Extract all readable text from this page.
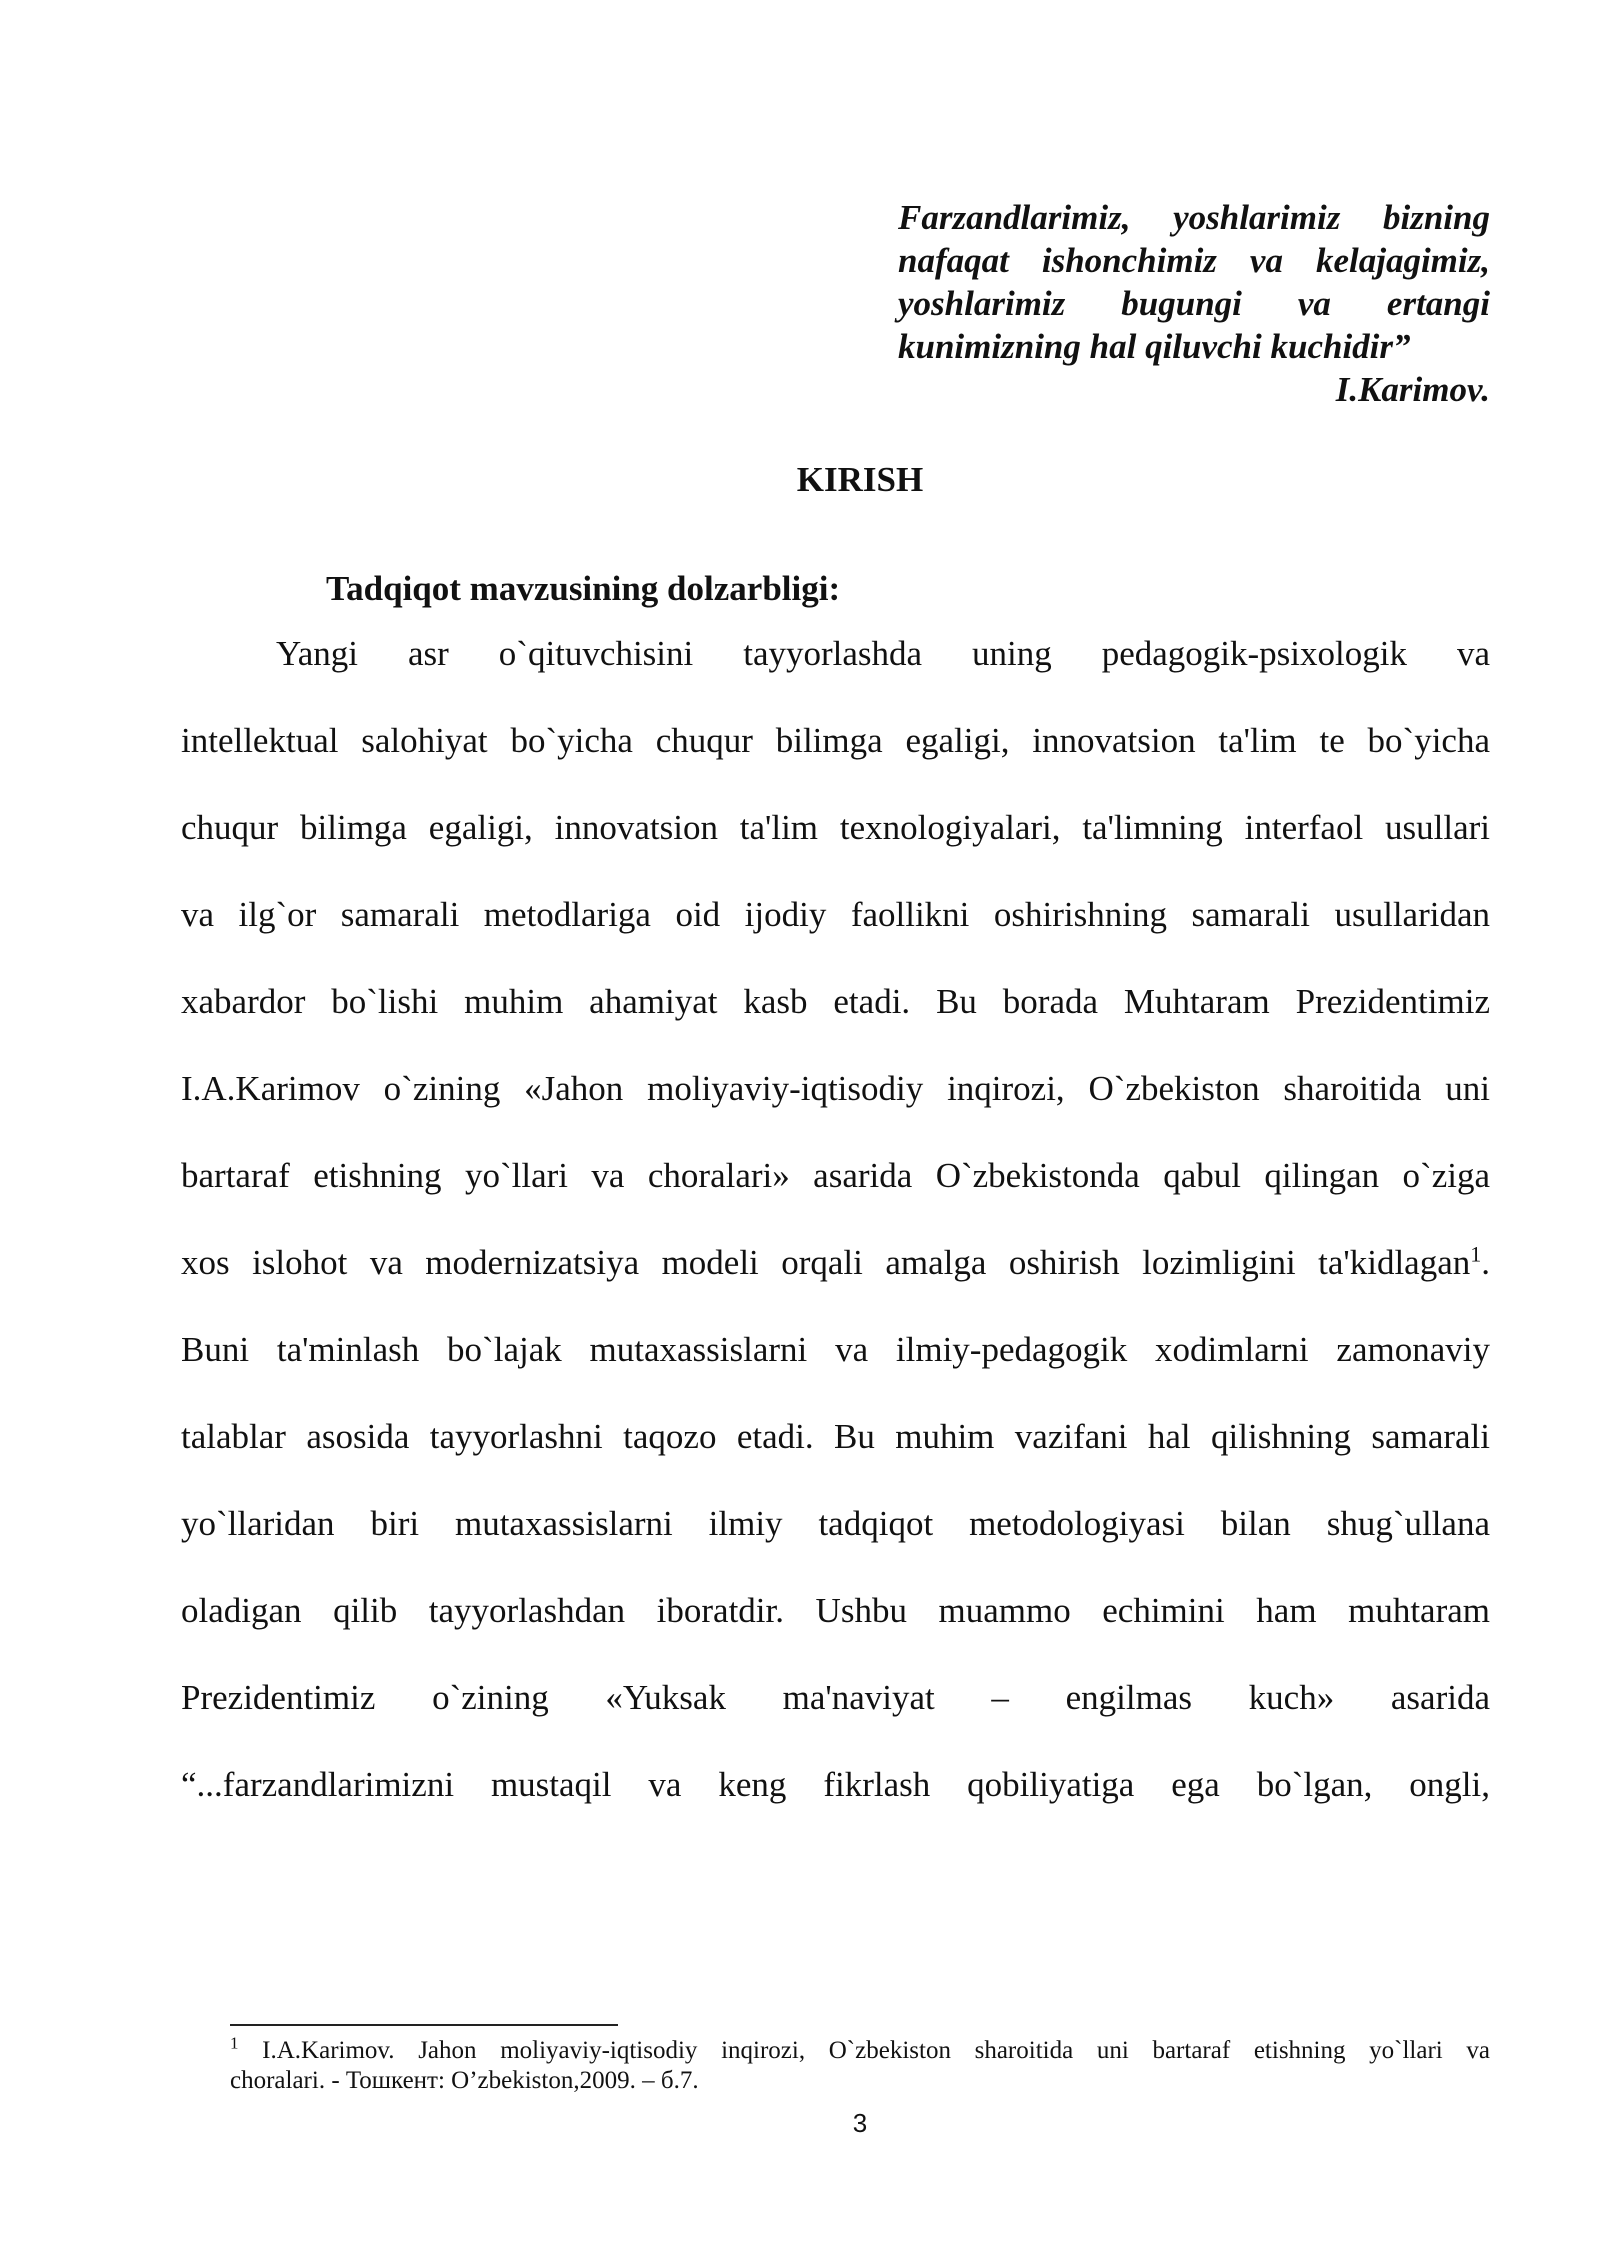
Farzandlarimiz, yoshlarimiz bizning
nafaqat ishonchimiz va kelajagimiz,
yoshlarimiz bugungi va ertangi
kunimizning hal qiluvchi kuchidir”
I.Karimov.
KIRISH
Tadqiqot mavzusining dolzarbligi:
Yangi asr o`qituvchisini tayyorlashda uning pedagogik-psixologik va
intellektual salohiyat bo`yicha chuqur bilimga egaligi, innovatsion ta'lim te bo`yicha
chuqur bilimga egaligi, innovatsion ta'lim texnologiyalari, ta'limning interfaol usullari
va ilg`or samarali metodlariga oid ijodiy faollikni oshirishning samarali usullaridan
xabardor bo`lishi muhim ahamiyat kasb etadi. Bu borada Muhtaram Prezidentimiz
I.A.Karimov o`zining «Jahon moliyaviy-iqtisodiy inqirozi, O`zbekiston sharoitida uni
bartaraf etishning yo`llari va choralari» asarida O`zbekistonda qabul qilingan o`ziga
xos islohot va modernizatsiya modeli orqali amalga oshirish lozimligini ta'kidlagan$^1$.
Buni ta'minlash bo`lajak mutaxassislarni va ilmiy-pedagogik xodimlarni zamonaviy
talablar asosida tayyorlashni taqozo etadi. Bu muhim vazifani hal qilishning samarali
yo`llaridan biri mutaxassislarni ilmiy tadqiqot metodologiyasi bilan shug`ullana
oladigan qilib tayyorlashdan iboratdir. Ushbu muammo echimini ham muhtaram
Prezidentimiz o`zining «Yuksak ma'naviyat – engilmas kuch» asarida
“...farzandlarimizni mustaqil va keng fikrlash qobiliyatiga ega bo`lgan, ongli,
$^1$ I.A.Karimov. Jahon moliyaviy-iqtisodiy inqirozi, O`zbekiston sharoitida uni bartaraf etishning yo`llari va
choralari. - Тошкент: O’zbekiston,2009. – б.7.
3
